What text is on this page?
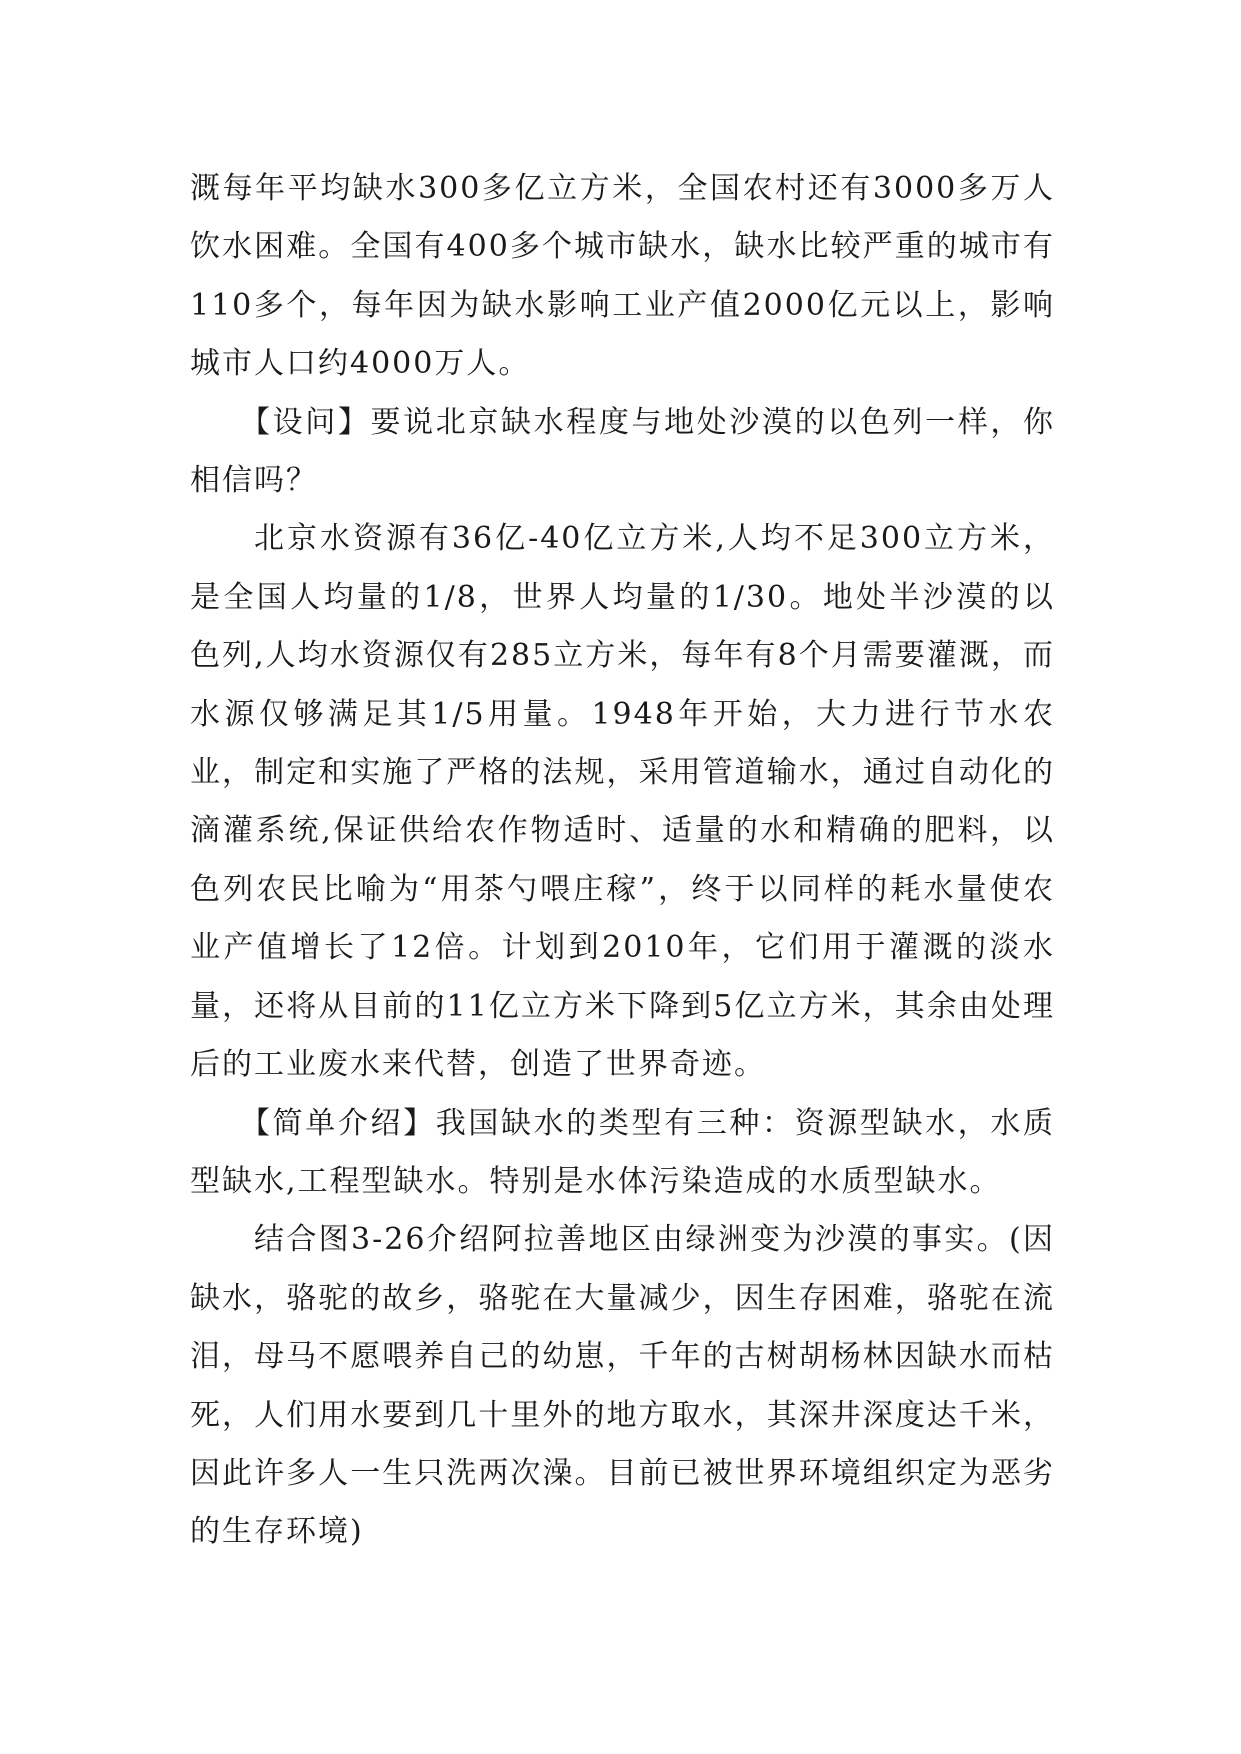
溉每年平均缺水300多亿立方米，全国农村还有3000多万人饮水困难。全国有400多个城市缺水，缺水比较严重的城市有110多个，每年因为缺水影响工业产值2000亿元以上，影响城市人口约4000万人。

【设问】要说北京缺水程度与地处沙漠的以色列一样，你相信吗？

北京水资源有36亿-40亿立方米,人均不足300立方米，是全国人均量的1/8，世界人均量的1/30。地处半沙漠的以色列,人均水资源仅有285立方米，每年有8个月需要灌溉，而水源仅够满足其1/5用量。1948年开始，大力进行节水农业，制定和实施了严格的法规，采用管道输水，通过自动化的滴灌系统,保证供给农作物适时、适量的水和精确的肥料，以色列农民比喻为“用茶勺喂庄稼”，终于以同样的耗水量使农业产值增长了12倍。计划到2010年，它们用于灌溉的淡水量，还将从目前的11亿立方米下降到5亿立方米，其余由处理后的工业废水来代替，创造了世界奇迹。

【简单介绍】我国缺水的类型有三种：资源型缺水，水质型缺水,工程型缺水。特别是水体污染造成的水质型缺水。

结合图3-26介绍阿拉善地区由绿洲变为沙漠的事实。(因缺水，骆驼的故乡，骆驼在大量减少，因生存困难，骆驼在流泪，母马不愿喂养自己的幼崽，千年的古树胡杨林因缺水而枯死，人们用水要到几十里外的地方取水，其深井深度达千米，因此许多人一生只洗两次澡。目前已被世界环境组织定为恶劣的生存环境)
